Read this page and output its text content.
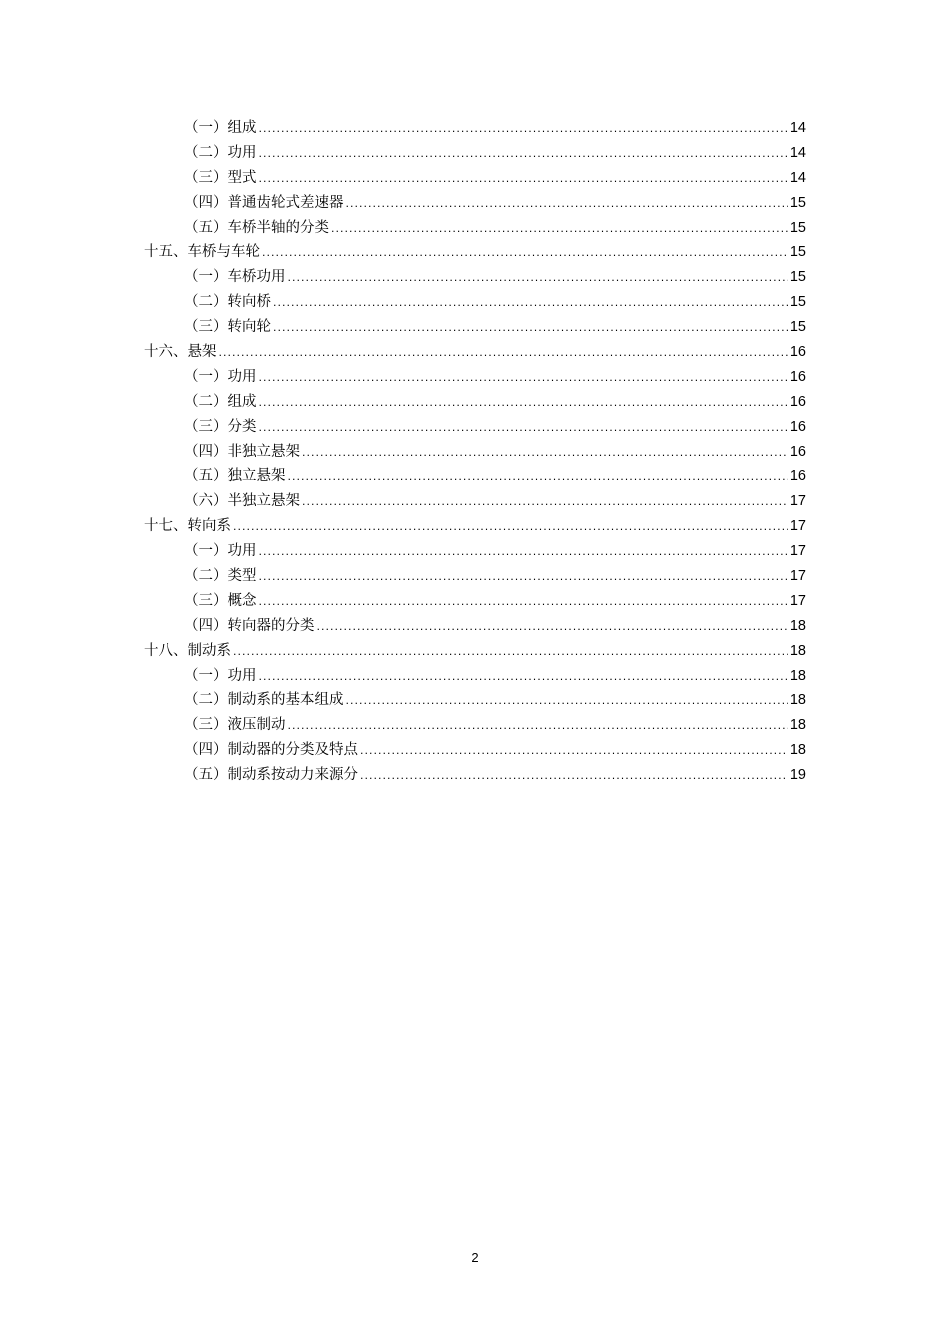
（一）组成 .....	14
（二）功用 .....	14
（三）型式 .....	14
（四）普通齿轮式差速器 .....	15
（五）车桥半轴的分类 .....	15
十五、车桥与车轮 .....	15
（一）车桥功用 .....	15
（二）转向桥 .....	15
（三）转向轮 .....	15
十六、悬架 .....	16
（一）功用 .....	16
（二）组成 .....	16
（三）分类 .....	16
（四）非独立悬架 .....	16
（五）独立悬架 .....	16
（六）半独立悬架 .....	17
十七、转向系 .....	17
（一）功用 .....	17
（二）类型 .....	17
（三）概念 .....	17
（四）转向器的分类 .....	18
十八、制动系 .....	18
（一）功用 .....	18
（二）制动系的基本组成 .....	18
（三）液压制动 .....	18
（四）制动器的分类及特点 .....	18
（五）制动系按动力来源分 .....	19
2
